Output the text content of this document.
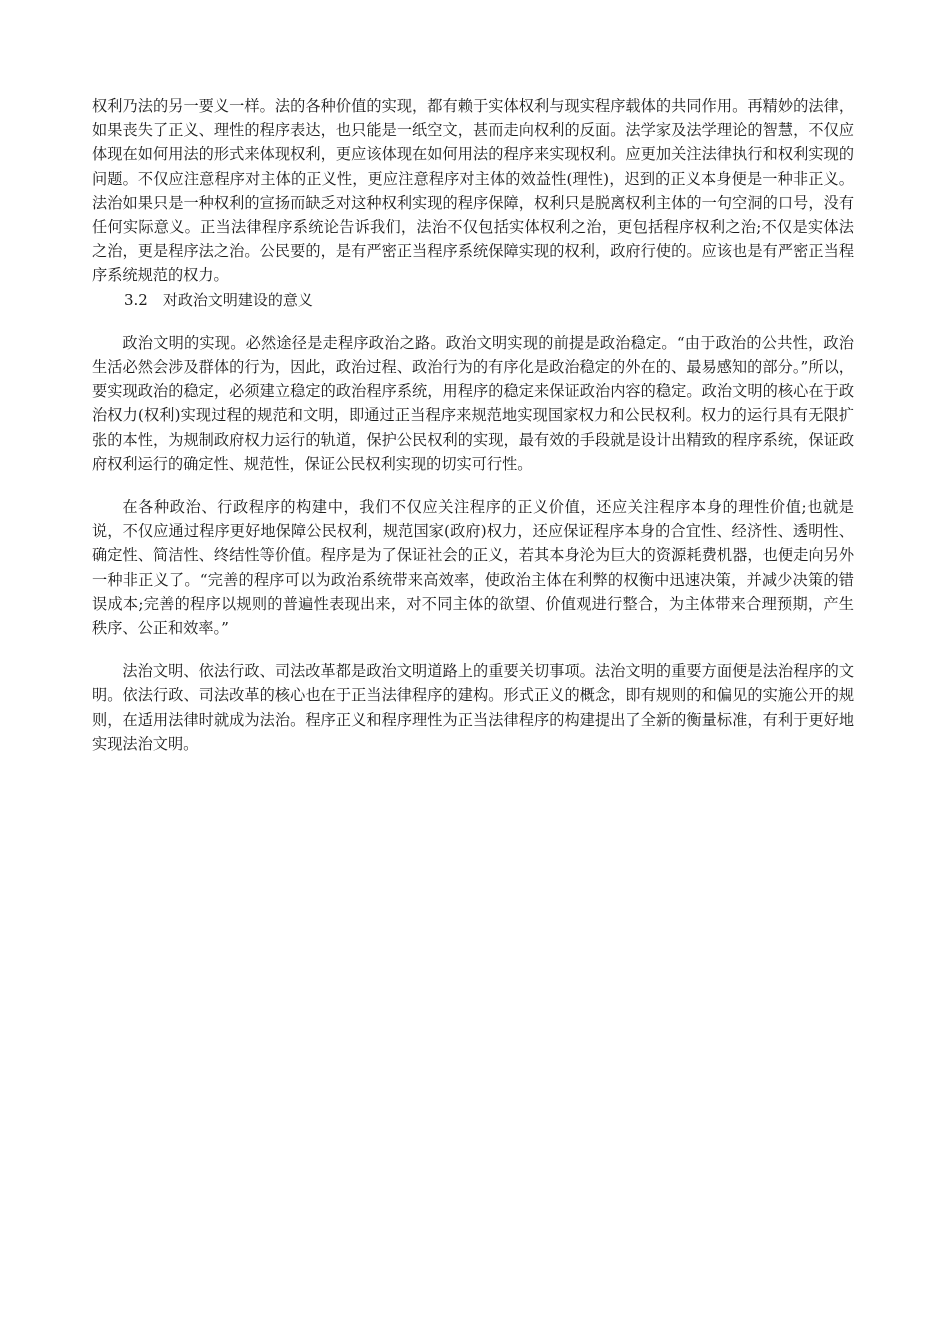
权利乃法的另一要义一样。法的各种价值的实现，都有赖于实体权利与现实程序载体的共同作用。再精妙的法律，如果丧失了正义、理性的程序表达，也只能是一纸空文，甚而走向权利的反面。法学家及法学理论的智慧，不仅应体现在如何用法的形式来体现权利，更应该体现在如何用法的程序来实现权利。应更加关注法律执行和权利实现的问题。不仅应注意程序对主体的正义性，更应注意程序对主体的效益性(理性)，迟到的正义本身便是一种非正义。法治如果只是一种权利的宣扬而缺乏对这种权利实现的程序保障，权利只是脱离权利主体的一句空洞的口号，没有任何实际意义。正当法律程序系统论告诉我们，法治不仅包括实体权利之治，更包括程序权利之治;不仅是实体法之治，更是程序法之治。公民要的，是有严密正当程序系统保障实现的权利，政府行使的。应该也是有严密正当程序系统规范的权力。

3.2　对政治文明建设的意义

政治文明的实现。必然途径是走程序政治之路。政治文明实现的前提是政治稳定。“由于政治的公共性，政治生活必然会涉及群体的行为，因此，政治过程、政治行为的有序化是政治稳定的外在的、最易感知的部分。”所以，要实现政治的稳定，必须建立稳定的政治程序系统，用程序的稳定来保证政治内容的稳定。政治文明的核心在于政治权力(权利)实现过程的规范和文明，即通过正当程序来规范地实现国家权力和公民权利。权力的运行具有无限扩张的本性，为规制政府权力运行的轨道，保护公民权利的实现，最有效的手段就是设计出精致的程序系统，保证政府权利运行的确定性、规范性，保证公民权利实现的切实可行性。

在各种政治、行政程序的构建中，我们不仅应关注程序的正义价值，还应关注程序本身的理性价值;也就是说，不仅应通过程序更好地保障公民权利，规范国家(政府)权力，还应保证程序本身的合宜性、经济性、透明性、确定性、简洁性、终结性等价值。程序是为了保证社会的正义，若其本身沦为巨大的资源耗费机器，也便走向另外一种非正义了。“完善的程序可以为政治系统带来高效率，使政治主体在利弊的权衡中迅速决策，并减少决策的错误成本;完善的程序以规则的普遍性表现出来，对不同主体的欲望、价值观进行整合，为主体带来合理预期，产生秩序、公正和效率。”

法治文明、依法行政、司法改革都是政治文明道路上的重要关切事项。法治文明的重要方面便是法治程序的文明。依法行政、司法改革的核心也在于正当法律程序的建构。形式正义的概念，即有规则的和偏见的实施公开的规则，在适用法律时就成为法治。程序正义和程序理性为正当法律程序的构建提出了全新的衡量标准，有利于更好地实现法治文明。
